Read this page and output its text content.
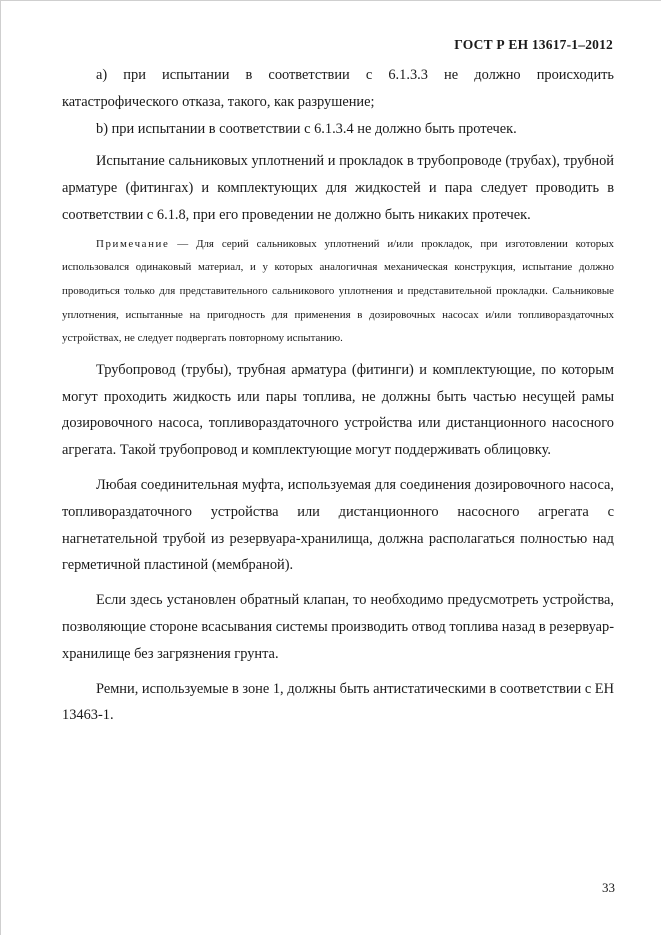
ГОСТ Р ЕН 13617-1–2012

а) при испытании в соответствии с 6.1.3.3 не должно происходить катастрофического отказа, такого, как разрушение;

b) при испытании в соответствии с 6.1.3.4 не должно быть протечек.

Испытание сальниковых уплотнений и прокладок в трубопроводе (трубах), трубной арматуре (фитингах) и комплектующих для жидкостей и пара следует проводить в соответствии с 6.1.8, при его проведении не должно быть никаких протечек.

Примечание — Для серий сальниковых уплотнений и/или прокладок, при изготовлении которых использовался одинаковый материал, и у которых аналогичная механическая конструкция, испытание должно проводиться только для представительного сальникового уплотнения и представительной прокладки. Сальниковые уплотнения, испытанные на пригодность для применения в дозировочных насосах и/или топливораздаточных устройствах, не следует подвергать повторному испытанию.

Трубопровод (трубы), трубная арматура (фитинги) и комплектующие, по которым могут проходить жидкость или пары топлива, не должны быть частью несущей рамы дозировочного насоса, топливораздаточного устройства или дистанционного насосного агрегата. Такой трубопровод и комплектующие могут поддерживать облицовку.

Любая соединительная муфта, используемая для соединения дозировочного насоса, топливораздаточного устройства или дистанционного насосного агрегата с нагнетательной трубой из резервуара-хранилища, должна располагаться полностью над герметичной пластиной (мембраной).

Если здесь установлен обратный клапан, то необходимо предусмотреть устройства, позволяющие стороне всасывания системы производить отвод топлива назад в резервуар-хранилище без загрязнения грунта.

Ремни, используемые в зоне 1, должны быть антистатическими в соответствии с ЕН 13463-1.

33
